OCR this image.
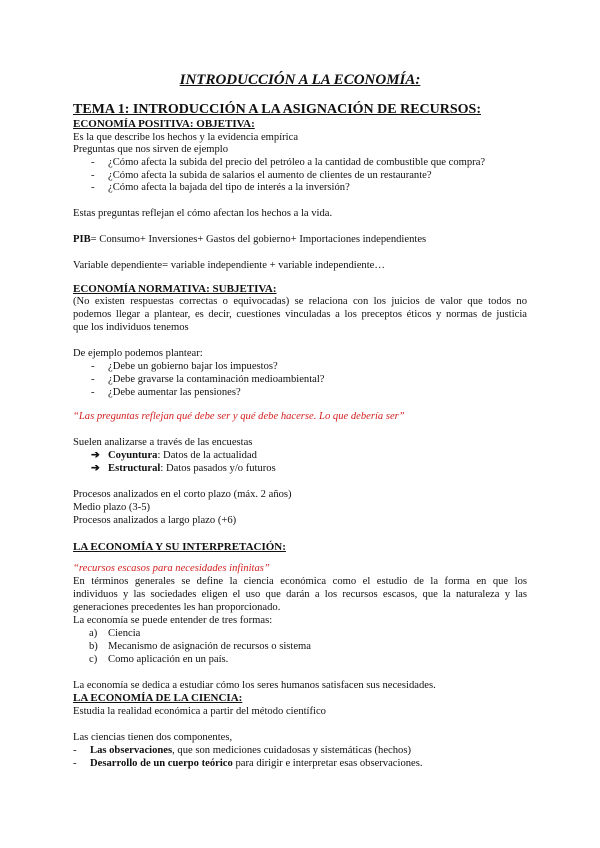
INTRODUCCIÓN A LA ECONOMÍA:
TEMA 1: INTRODUCCIÓN A LA ASIGNACIÓN DE RECURSOS:
ECONOMÍA POSITIVA: OBJETIVA:
Es la que describe los hechos y la evidencia empírica
Preguntas que nos sirven de ejemplo
- ¿Cómo afecta la subida del precio del petróleo a la cantidad de combustible que compra?
- ¿Cómo afecta la subida de salarios el aumento de clientes de un restaurante?
- ¿Cómo afecta la bajada del tipo de interés a la inversión?
Estas preguntas reflejan el cómo afectan los hechos a la vida.
PIB= Consumo+ Inversiones+ Gastos del gobierno+ Importaciones independientes
Variable dependiente= variable independiente + variable independiente…
ECONOMÍA NORMATIVA: SUBJETIVA:
(No existen respuestas correctas o equivocadas) se relaciona con los juicios de valor que todos no
podemos llegar a plantear, es decir, cuestiones vinculadas a los preceptos éticos y normas de justicia
que los individuos tenemos
De ejemplo podemos plantear:
- ¿Debe un gobierno bajar los impuestos?
- ¿Debe gravarse la contaminación medioambiental?
- ¿Debe aumentar las pensiones?
“Las preguntas reflejan qué debe ser y qué debe hacerse. Lo que debería ser”
Suelen analizarse a través de las encuestas
➔ Coyuntura: Datos de la actualidad
➔ Estructural: Datos pasados y/o futuros
Procesos analizados en el corto plazo (máx. 2 años)
Medio plazo (3-5)
Procesos analizados a largo plazo (+6)
LA ECONOMÍA Y SU INTERPRETACIÓN:
“recursos escasos para necesidades infinitas”
En términos generales se define la ciencia económica como el estudio de la forma en que los
individuos y las sociedades eligen el uso que darán a los recursos escasos, que la naturaleza y las
generaciones precedentes les han proporcionado.
La economía se puede entender de tres formas:
a) Ciencia
b) Mecanismo de asignación de recursos o sistema
c) Como aplicación en un país.
La economía se dedica a estudiar cómo los seres humanos satisfacen sus necesidades.
LA ECONOMÍA DE LA CIENCIA:
Estudia la realidad económica a partir del método científico
Las ciencias tienen dos componentes,
- Las observaciones, que son mediciones cuidadosas y sistemáticas (hechos)
- Desarrollo de un cuerpo teórico para dirigir e interpretar esas observaciones.
